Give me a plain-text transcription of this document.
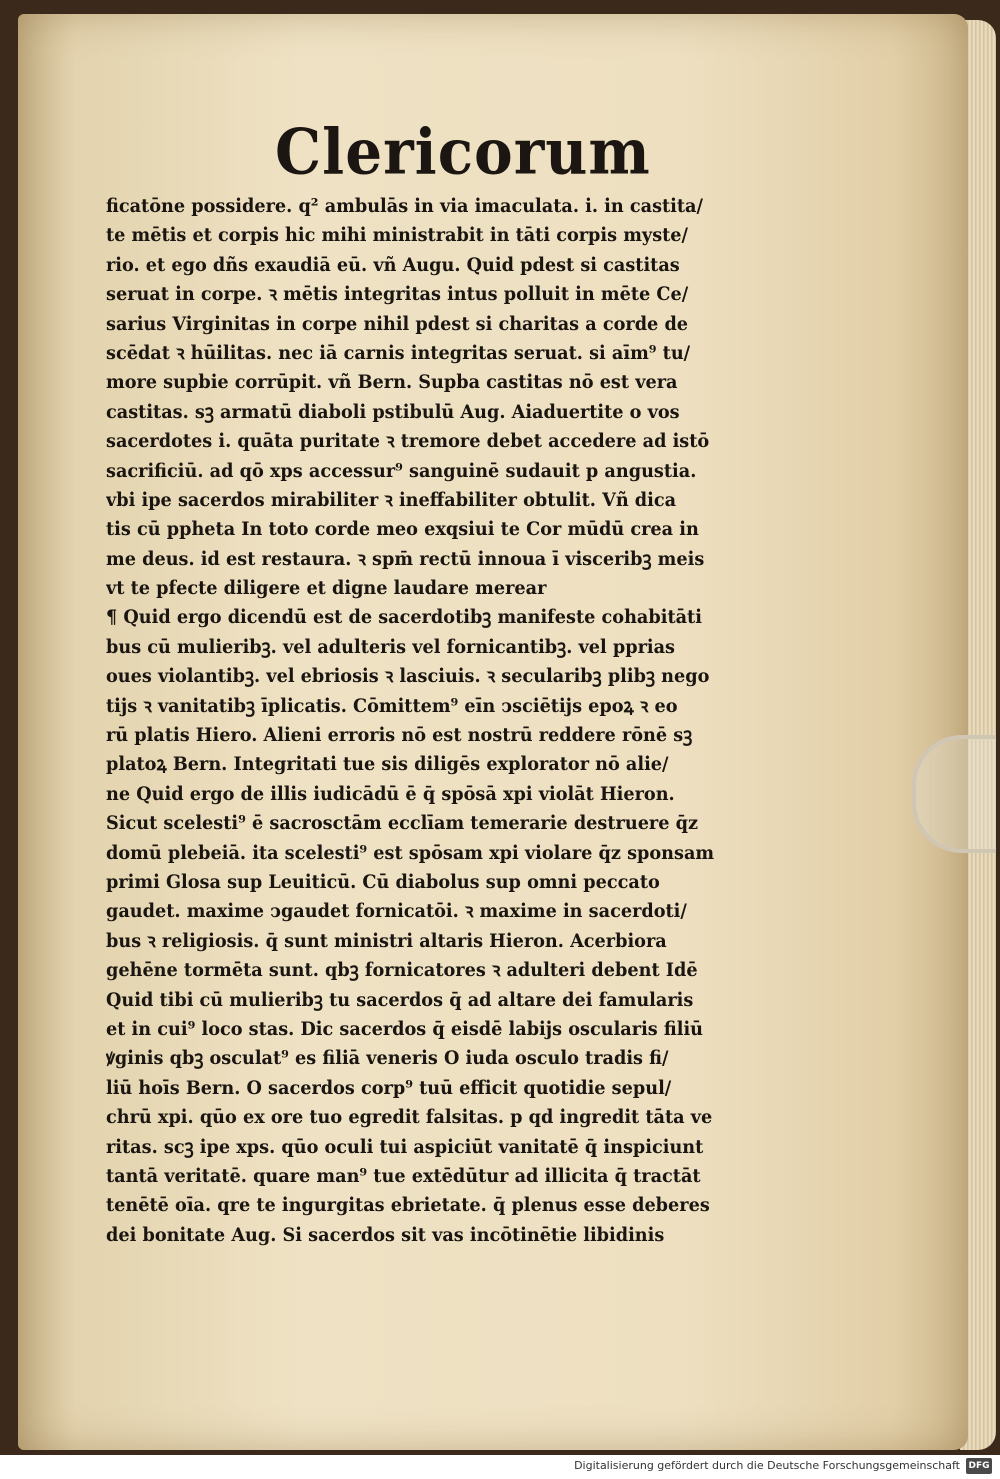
Clericorum
ficatōne possidere. q² ambulās in via imaculata. i. in castita/
te mētis et corpis hic mihi ministrabit in tāti corpis myste/
rio. et ego dñs exaudiā eū. vñ Augu. Quid pdest si castitas
seruat in corpe. ꝛ mētis integritas intus polluit in mēte Ce/
sarius Virginitas in corpe nihil pdest si charitas a corde de
scēdat ꝛ hūilitas. nec iā carnis integritas seruat. si aīm⁹ tu/
more supbie corrūpit. vñ Bern. Supba castitas nō est vera
castitas. sꝫ armatū diaboli pstibulū Aug. Aiaduertite o vos
sacerdotes i. quāta puritate ꝛ tremore debet accedere ad istō
sacrificiū. ad qō xps accessur⁹ sanguinē sudauit p angustia.
vbi ipe sacerdos mirabiliter ꝛ ineffabiliter obtulit. Vñ dica
tis cū ppheta In toto corde meo exqsiui te Cor mūdū crea in
me deus. id est restaura. ꝛ spm̄ rectū innoua ī visceribꝫ meis
vt te pfecte diligere et digne laudare merear
¶ Quid ergo dicendū est de sacerdotibꝫ manifeste cohabitāti
bus cū mulieribꝫ. vel adulteris vel fornicantibꝫ. vel pprias
oues violantibꝫ. vel ebriosis ꝛ lasciuis. ꝛ secularibꝫ plibꝫ nego
tijs ꝛ vanitatibꝫ īplicatis. Cōmittem⁹ eīn ↄsciētijs epoꝝ ꝛ eo
rū platis Hiero. Alieni erroris nō est nostrū reddere rōnē sꝫ
platoꝝ Bern. Integritati tue sis diligēs explorator nō alie/
ne Quid ergo de illis iudicādū ē q̄ spōsā xpi violāt Hieron.
Sicut scelesti⁹ ē sacrosctām ecclīam temerarie destruere q̄z
domū plebeiā. ita scelesti⁹ est spōsam xpi violare q̄z sponsam
primi Glosa sup Leuiticū. Cū diabolus sup omni peccato
gaudet. maxime ↄgaudet fornicatōi. ꝛ maxime in sacerdoti/
bus ꝛ religiosis. q̄ sunt ministri altaris Hieron. Acerbiora
gehēne tormēta sunt. qbꝫ fornicatores ꝛ adulteri debent Idē
Quid tibi cū mulieribꝫ tu sacerdos q̄ ad altare dei famularis
et in cui⁹ loco stas. Dic sacerdos q̄ eisdē labijs oscularis filiū
ꝟginis qbꝫ osculat⁹ es filiā veneris O iuda osculo tradis fi/
liū hoīs Bern. O sacerdos corp⁹ tuū efficit quotidie sepul/
chrū xpi. qūo ex ore tuo egredit falsitas. p qd ingredit tāta ve
ritas. scꝫ ipe xps. qūo oculi tui aspiciūt vanitatē q̄ inspiciunt
tantā veritatē. quare man⁹ tue extēdūtur ad illicita q̄ tractāt
tenētē oīa. qre te ingurgitas ebrietate. q̄ plenus esse deberes
dei bonitate Aug. Si sacerdos sit vas incōtinētie libidinis
Digitalisierung gefördert durch die Deutsche Forschungsgemeinschaft DFG
